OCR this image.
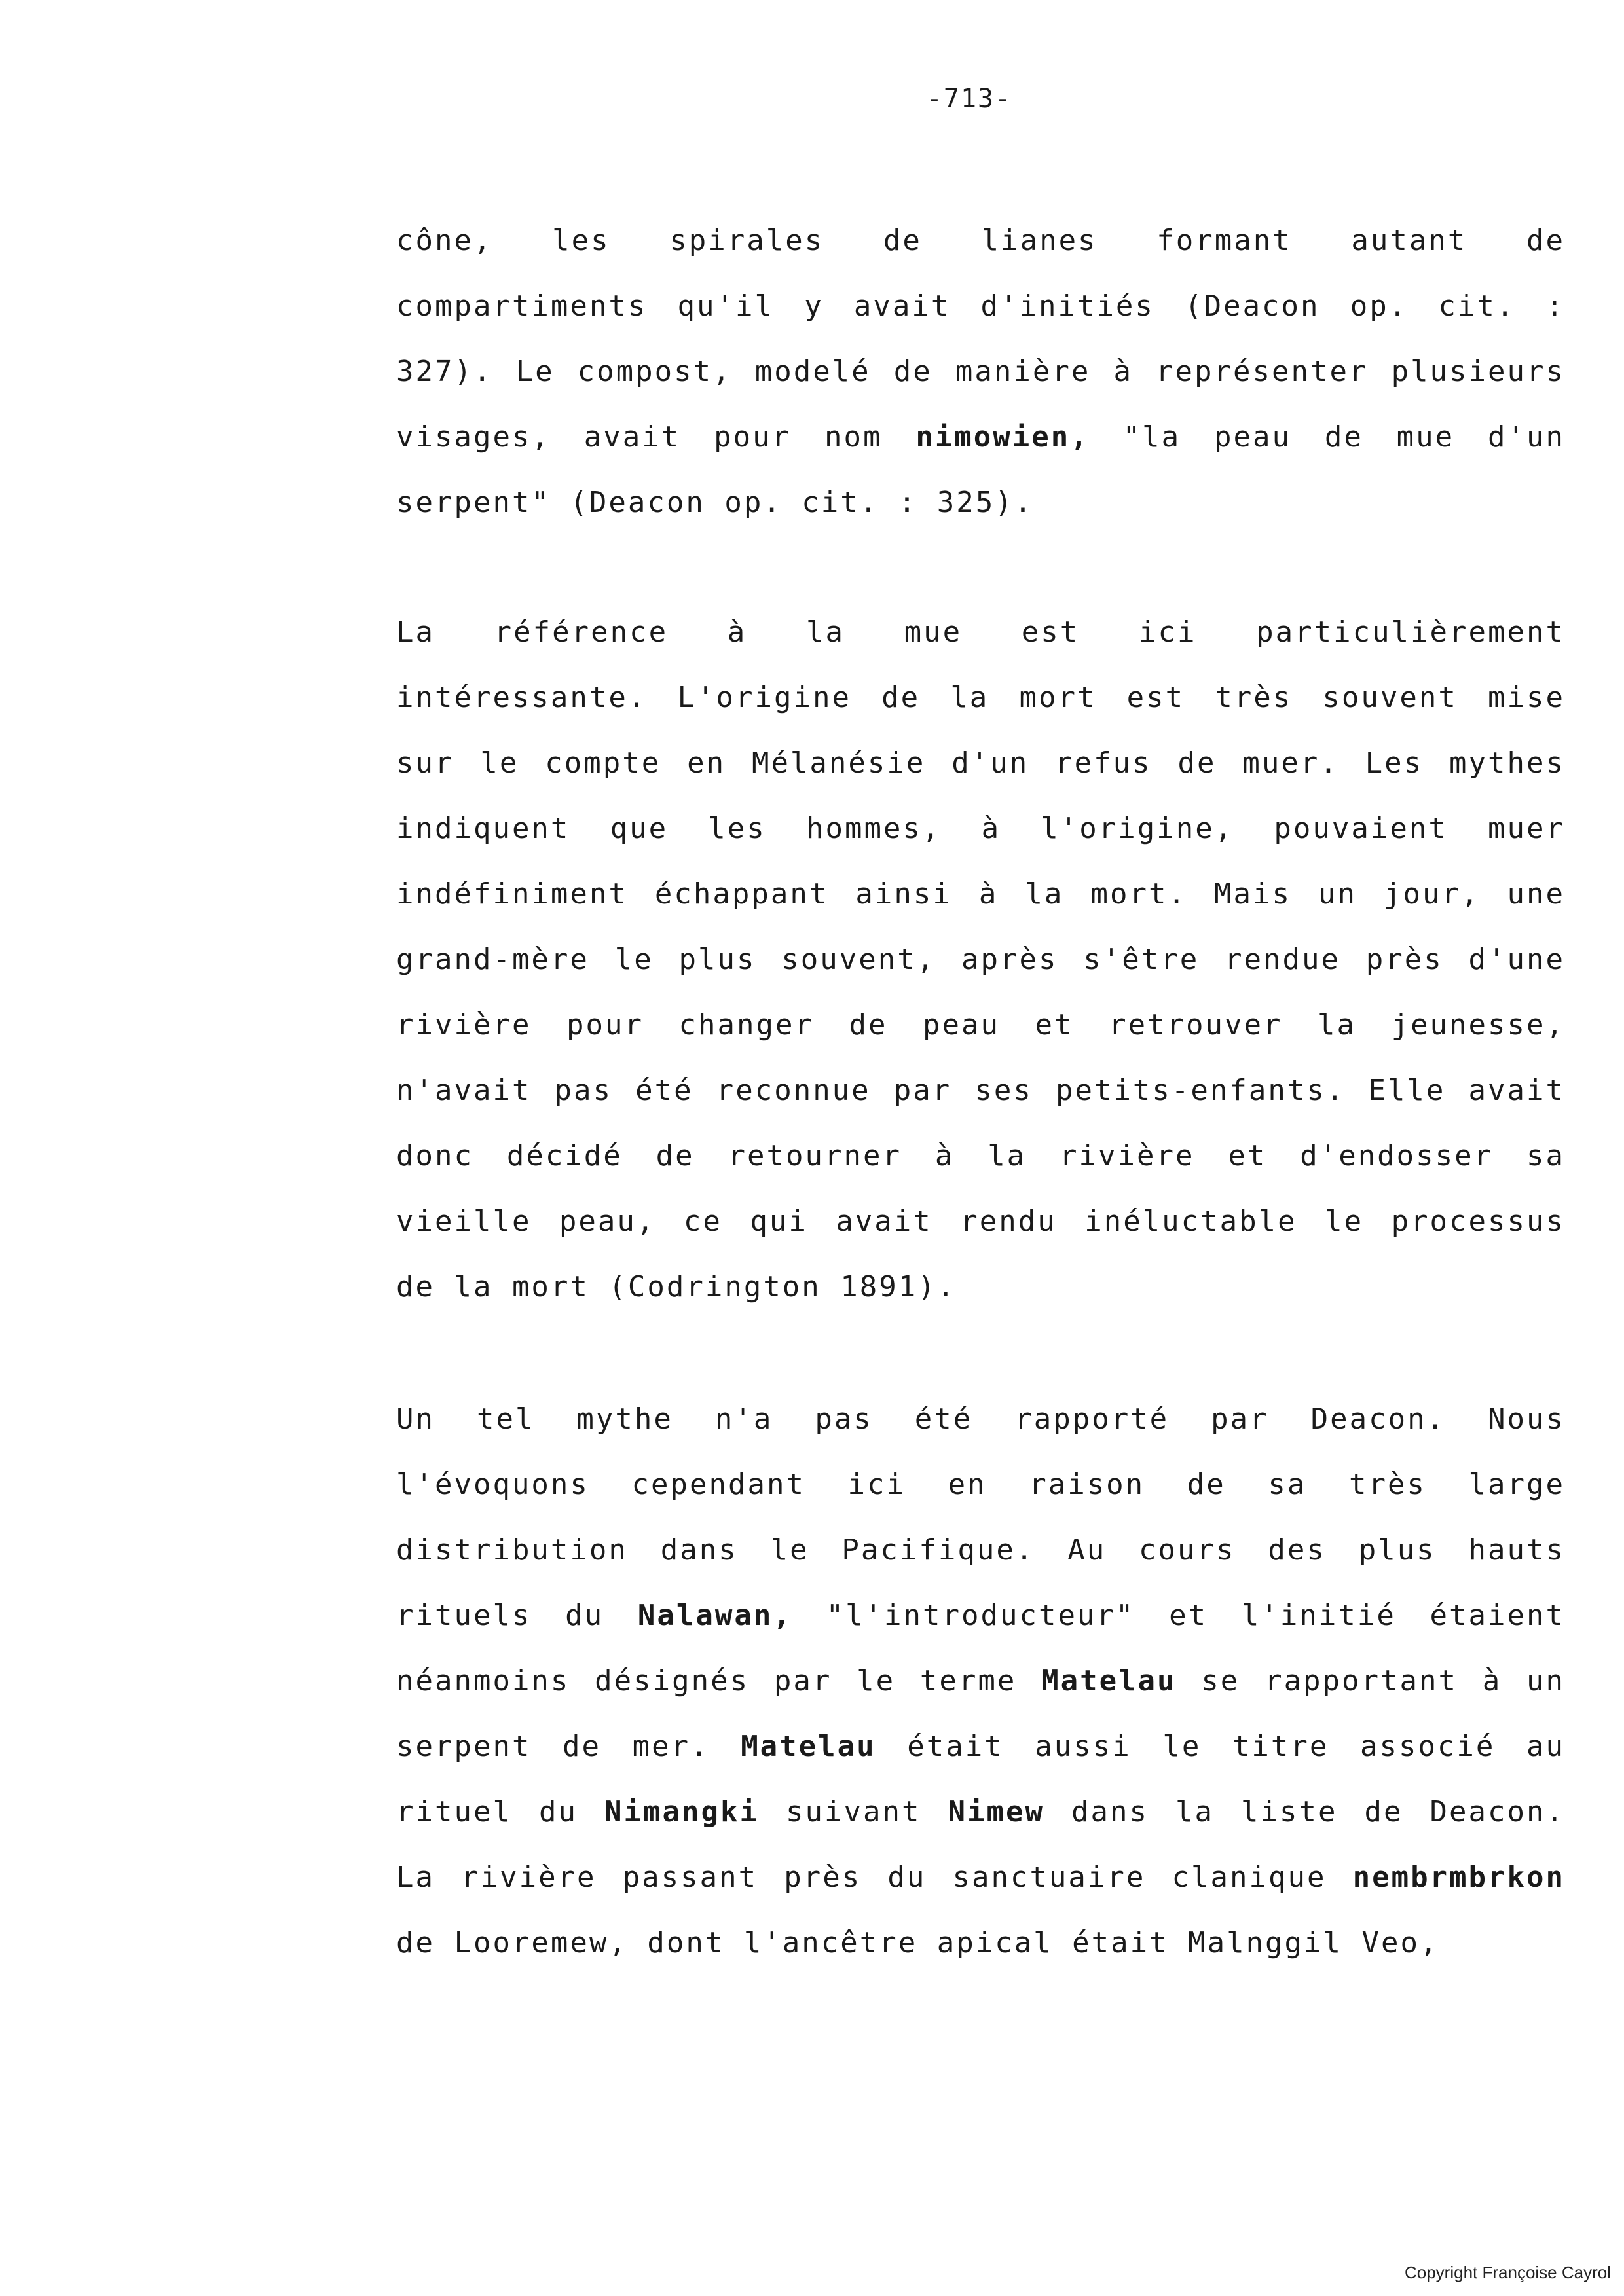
-713-
cône, les spirales de lianes formant autant de
compartiments qu'il y avait d'initiés (Deacon op. cit. :
327). Le compost, modelé de manière à représenter plusieurs
visages, avait pour nom nimowien, "la peau de mue d'un
serpent" (Deacon op. cit. : 325).
La référence à la mue est ici particulièrement
intéressante. L'origine de la mort est très souvent mise
sur le compte en Mélanésie d'un refus de muer. Les mythes
indiquent que les hommes, à l'origine, pouvaient muer
indéfiniment échappant ainsi à la mort. Mais un jour, une
grand-mère le plus souvent, après s'être rendue près d'une
rivière pour changer de peau et retrouver la jeunesse,
n'avait pas été reconnue par ses petits-enfants. Elle avait
donc décidé de retourner à la rivière et d'endosser sa
vieille peau, ce qui avait rendu inéluctable le processus
de la mort (Codrington 1891).
Un tel mythe n'a pas été rapporté par Deacon. Nous
l'évoquons cependant ici en raison de sa très large
distribution dans le Pacifique. Au cours des plus hauts
rituels du Nalawan, "l'introducteur" et l'initié étaient
néanmoins désignés par le terme Matelau se rapportant à un
serpent de mer. Matelau était aussi le titre associé au
rituel du Nimangki suivant Nimew dans la liste de Deacon.
La rivière passant près du sanctuaire clanique nembrmbrkon
de Looremew, dont l'ancêtre apical était Malnggil Veo,
Copyright Françoise Cayrol
